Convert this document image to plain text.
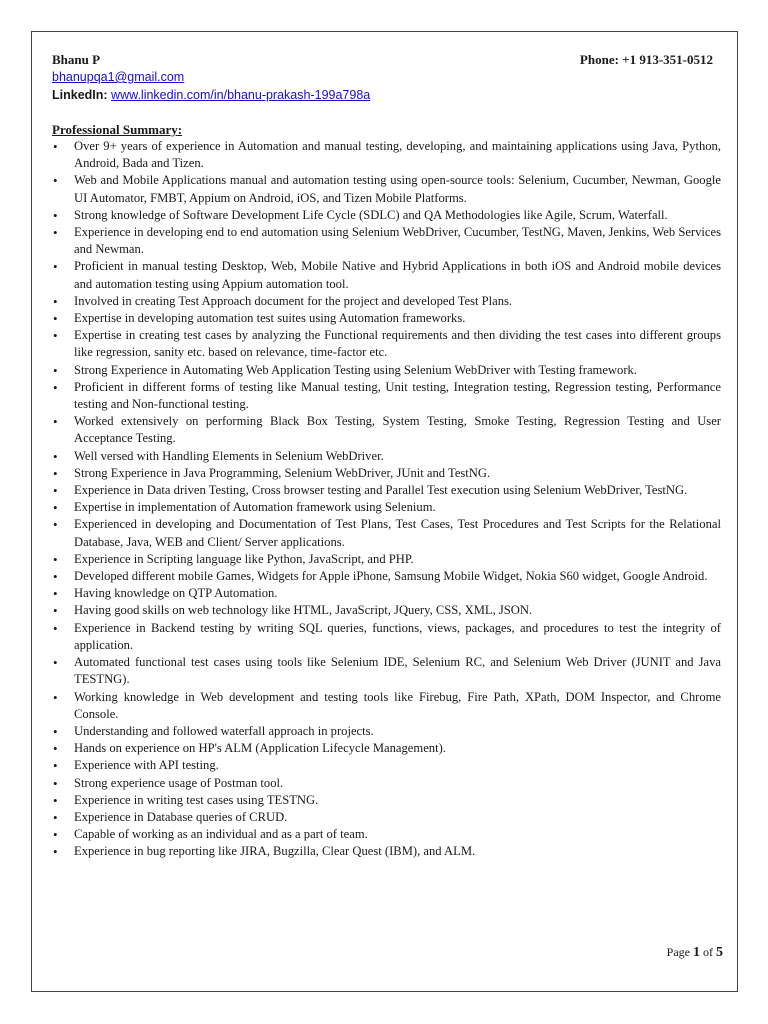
Bhanu P	Phone: +1 913-351-0512
bhanupqa1@gmail.com
LinkedIn: www.linkedin.com/in/bhanu-prakash-199a798a
Professional Summary:
• Over 9+ years of experience in Automation and manual testing, developing, and maintaining applications using Java, Python, Android, Bada and Tizen.
• Web and Mobile Applications manual and automation testing using open-source tools: Selenium, Cucumber, Newman, Google UI Automator, FMBT, Appium on Android, iOS, and Tizen Mobile Platforms.
• Strong knowledge of Software Development Life Cycle (SDLC) and QA Methodologies like Agile, Scrum, Waterfall.
• Experience in developing end to end automation using Selenium WebDriver, Cucumber, TestNG, Maven, Jenkins, Web Services and Newman.
• Proficient in manual testing Desktop, Web, Mobile Native and Hybrid Applications in both iOS and Android mobile devices and automation testing using Appium automation tool.
• Involved in creating Test Approach document for the project and developed Test Plans.
• Expertise in developing automation test suites using Automation frameworks.
• Expertise in creating test cases by analyzing the Functional requirements and then dividing the test cases into different groups like regression, sanity etc. based on relevance, time-factor etc.
• Strong Experience in Automating Web Application Testing using Selenium WebDriver with Testing framework.
• Proficient in different forms of testing like Manual testing, Unit testing, Integration testing, Regression testing, Performance testing and Non-functional testing.
• Worked extensively on performing Black Box Testing, System Testing, Smoke Testing, Regression Testing and User Acceptance Testing.
• Well versed with Handling Elements in Selenium WebDriver.
• Strong Experience in Java Programming, Selenium WebDriver, JUnit and TestNG.
• Experience in Data driven Testing, Cross browser testing and Parallel Test execution using Selenium WebDriver, TestNG.
• Expertise in implementation of Automation framework using Selenium.
• Experienced in developing and Documentation of Test Plans, Test Cases, Test Procedures and Test Scripts for the Relational Database, Java, WEB and Client/ Server applications.
• Experience in Scripting language like Python, JavaScript, and PHP.
• Developed different mobile Games, Widgets for Apple iPhone, Samsung Mobile Widget, Nokia S60 widget, Google Android.
• Having knowledge on QTP Automation.
• Having good skills on web technology like HTML, JavaScript, JQuery, CSS, XML, JSON.
• Experience in Backend testing by writing SQL queries, functions, views, packages, and procedures to test the integrity of application.
• Automated functional test cases using tools like Selenium IDE, Selenium RC, and Selenium Web Driver (JUNIT and Java TESTNG).
• Working knowledge in Web development and testing tools like Firebug, Fire Path, XPath, DOM Inspector, and Chrome Console.
• Understanding and followed waterfall approach in projects.
• Hands on experience on HP's ALM (Application Lifecycle Management).
• Experience with API testing.
• Strong experience usage of Postman tool.
• Experience in writing test cases using TESTNG.
• Experience in Database queries of CRUD.
• Capable of working as an individual and as a part of team.
• Experience in bug reporting like JIRA, Bugzilla, Clear Quest (IBM), and ALM.
Page 1 of 5
